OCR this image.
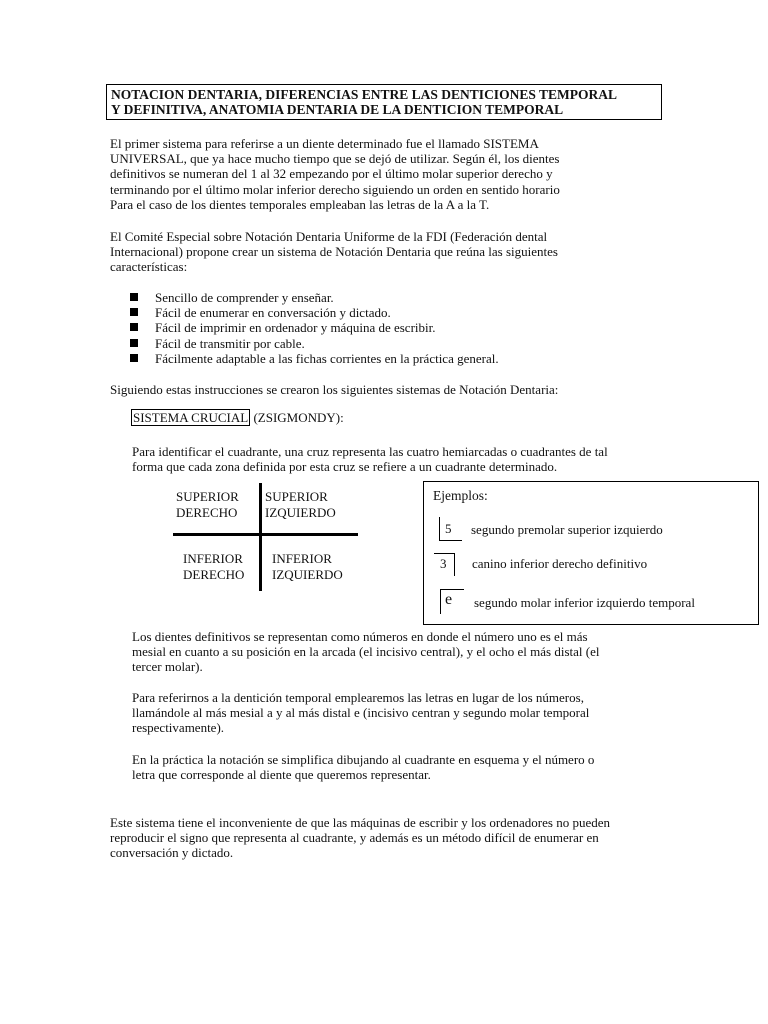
NOTACION DENTARIA, DIFERENCIAS ENTRE LAS DENTICIONES TEMPORAL
Y DEFINITIVA, ANATOMIA DENTARIA DE LA DENTICION TEMPORAL
El primer sistema para referirse a un diente determinado fue el llamado SISTEMA
UNIVERSAL, que ya hace mucho tiempo que se dejó de utilizar. Según él, los dientes
definitivos se numeran del 1 al 32 empezando por el último molar superior derecho y
terminando por el último molar inferior derecho siguiendo un orden en sentido horario
Para el caso de los dientes temporales empleaban las letras de la A a la T.
El Comité Especial sobre Notación Dentaria Uniforme de la FDI (Federación dental
Internacional) propone crear un sistema de Notación Dentaria que reúna las siguientes
características:
Sencillo de comprender y enseñar.
Fácil de enumerar en conversación y dictado.
Fácil de imprimir en ordenador y máquina de escribir.
Fácil de transmitir por cable.
Fácilmente adaptable a las fichas corrientes en la práctica general.
Siguiendo estas instrucciones se crearon los siguientes sistemas de Notación Dentaria:
SISTEMA CRUCIAL (ZSIGMONDY):
Para identificar el cuadrante, una cruz representa las cuatro hemiarcadas o cuadrantes de tal
forma que cada zona definida por esta cruz se refiere a un cuadrante determinado.
SUPERIOR
DERECHO
SUPERIOR
IZQUIERDO
INFERIOR
DERECHO
INFERIOR
IZQUIERDO
Ejemplos:
5 segundo premolar superior izquierdo
3 canino inferior derecho definitivo
e segundo molar inferior izquierdo temporal
Los dientes definitivos se representan como números en donde el número uno es el más
mesial en cuanto a su posición en la arcada (el incisivo central), y el ocho el más distal (el
tercer molar).
Para referirnos a la dentición temporal emplearemos las letras en lugar de los números,
llamándole al más mesial a y al más distal e (incisivo centran y segundo molar temporal
respectivamente).
En la práctica la notación se simplifica dibujando al cuadrante en esquema y el número o
letra que corresponde al diente que queremos representar.
Este sistema tiene el inconveniente de que las máquinas de escribir y los ordenadores no pueden
reproducir el signo que representa al cuadrante, y además es un método difícil de enumerar en
conversación y dictado.
